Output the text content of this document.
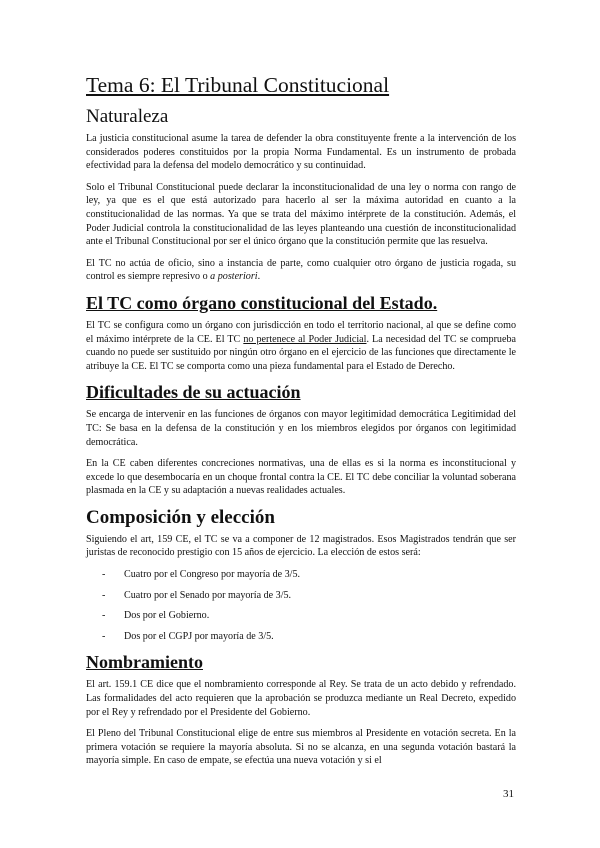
Tema 6: El Tribunal Constitucional
Naturaleza

La justicia constitucional asume la tarea de defender la obra constituyente frente a la intervención de los considerados poderes constituidos por la propia Norma Fundamental. Es un instrumento de probada efectividad para la defensa del modelo democrático y su continuidad.

Solo el Tribunal Constitucional puede declarar la inconstitucionalidad de una ley o norma con rango de ley, ya que es el que está autorizado para hacerlo al ser la máxima autoridad en cuanto a la constitucionalidad de las normas. Ya que se trata del máximo intérprete de la constitución. Además, el Poder Judicial controla la constitucionalidad de las leyes planteando una cuestión de inconstitucionalidad ante el Tribunal Constitucional por ser el único órgano que la constitución permite que las resuelva.

El TC no actúa de oficio, sino a instancia de parte, como cualquier otro órgano de justicia rogada, su control es siempre represivo o a posteriori.

El TC como órgano constitucional del Estado.

El TC se configura como un órgano con jurisdicción en todo el territorio nacional, al que se define como el máximo intérprete de la CE. El TC no pertenece al Poder Judicial. La necesidad del TC se comprueba cuando no puede ser sustituido por ningún otro órgano en el ejercicio de las funciones que directamente le atribuye la CE. El TC se comporta como una pieza fundamental para el Estado de Derecho.

Dificultades de su actuación

Se encarga de intervenir en las funciones de órganos con mayor legitimidad democrática Legitimidad del TC: Se basa en la defensa de la constitución y en los miembros elegidos por órganos con legitimidad democrática.

En la CE caben diferentes concreciones normativas, una de ellas es si la norma es inconstitucional y excede lo que desembocaría en un choque frontal contra la CE. El TC debe conciliar la voluntad soberana plasmada en la CE y su adaptación a nuevas realidades actuales.

Composición y elección

Siguiendo el art, 159 CE, el TC se va a componer de 12 magistrados. Esos Magistrados tendrán que ser juristas de reconocido prestigio con 15 años de ejercicio. La elección de estos será:

-	Cuatro por el Congreso por mayoría de 3/5.
-	Cuatro por el Senado por mayoría de 3/5.
-	Dos por el Gobierno.
-	Dos por el CGPJ por mayoría de 3/5.
Nombramiento

El art. 159.1 CE dice que el nombramiento corresponde al Rey. Se trata de un acto debido y refrendado. Las formalidades del acto requieren que la aprobación se produzca mediante un Real Decreto, expedido por el Rey y refrendado por el Presidente del Gobierno.

El Pleno del Tribunal Constitucional elige de entre sus miembros al Presidente en votación secreta. En la primera votación se requiere la mayoría absoluta. Si no se alcanza, en una segunda votación bastará la mayoría simple. En caso de empate, se efectúa una nueva votación y si el

31
